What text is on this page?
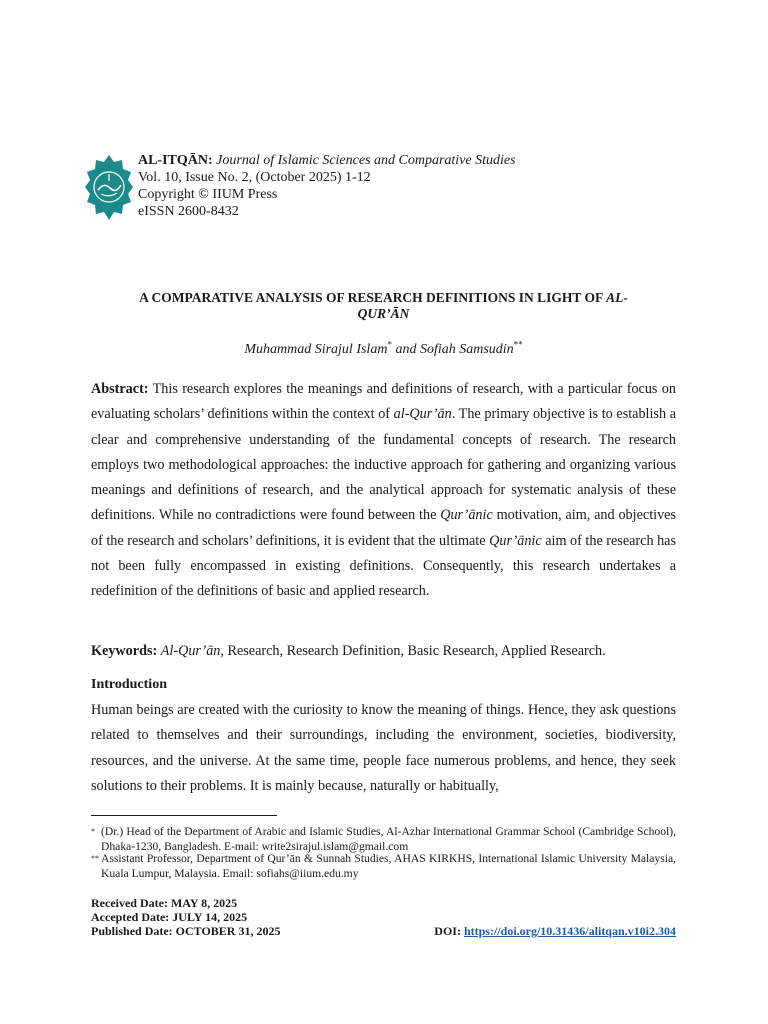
AL-ITQĀN: Journal of Islamic Sciences and Comparative Studies
Vol. 10, Issue No. 2, (October 2025) 1-12
Copyright © IIUM Press
eISSN 2600-8432
A COMPARATIVE ANALYSIS OF RESEARCH DEFINITIONS IN LIGHT OF AL-
QUR’ĀN
Muhammad Sirajul Islam* and Sofiah Samsudin**
Abstract: This research explores the meanings and definitions of research, with a particular focus on evaluating scholars’ definitions within the context of al-Qur’ān. The primary objective is to establish a clear and comprehensive understanding of the fundamental concepts of research. The research employs two methodological approaches: the inductive approach for gathering and organizing various meanings and definitions of research, and the analytical approach for systematic analysis of these definitions. While no contradictions were found between the Qur’ānic motivation, aim, and objectives of the research and scholars’ definitions, it is evident that the ultimate Qur’ānic aim of the research has not been fully encompassed in existing definitions. Consequently, this research undertakes a redefinition of the definitions of basic and applied research.
Keywords: Al-Qur’ān, Research, Research Definition, Basic Research, Applied Research.
Introduction
Human beings are created with the curiosity to know the meaning of things. Hence, they ask questions related to themselves and their surroundings, including the environment, societies, biodiversity, resources, and the universe. At the same time, people face numerous problems, and hence, they seek solutions to their problems. It is mainly because, naturally or habitually,
* (Dr.) Head of the Department of Arabic and Islamic Studies, Al-Azhar International Grammar School (Cambridge School), Dhaka-1230, Bangladesh. E-mail: write2sirajul.islam@gmail.com
** Assistant Professor, Department of Qur’ān & Sunnah Studies, AHAS KIRKHS, International Islamic University Malaysia, Kuala Lumpur, Malaysia. Email: sofiahs@iium.edu.my
Received Date: MAY 8, 2025
Accepted Date: JULY 14, 2025
Published Date: OCTOBER 31, 2025	DOI: https://doi.org/10.31436/alitqan.v10i2.304
